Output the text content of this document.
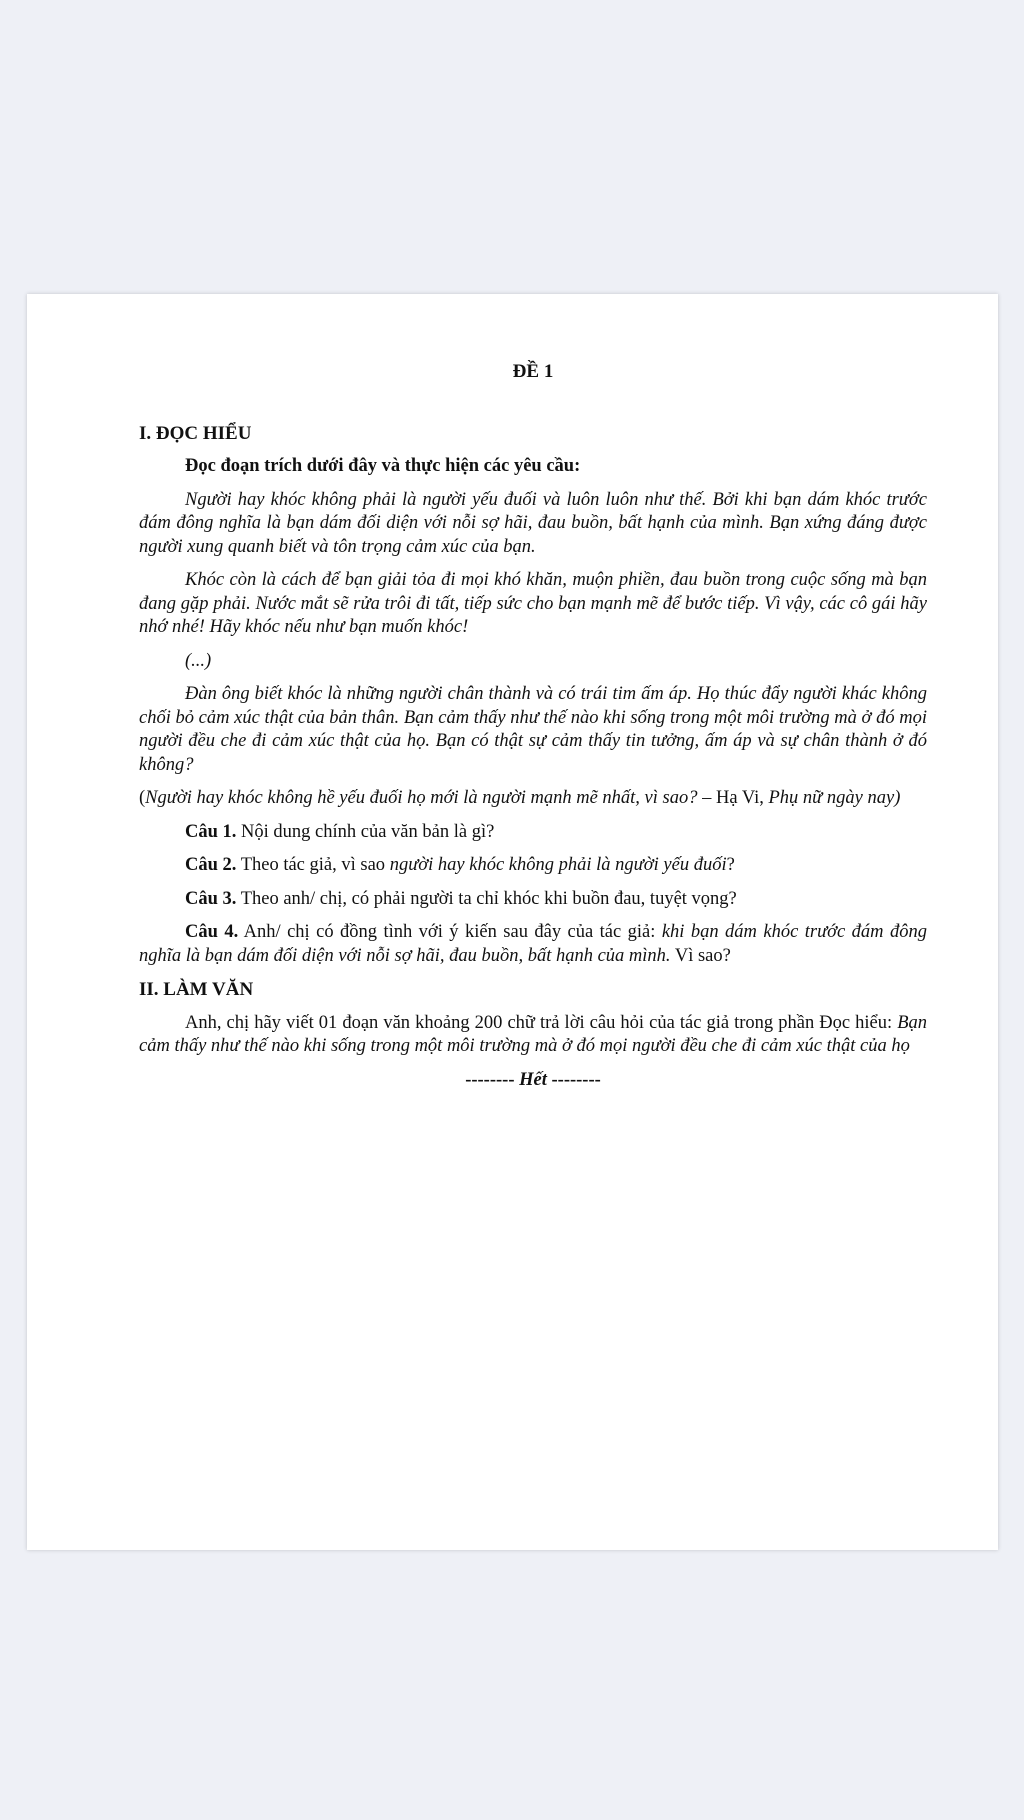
ĐỀ 1
I. ĐỌC HIỂU

Đọc đoạn trích dưới đây và thực hiện các yêu cầu:

Người hay khóc không phải là người yếu đuối và luôn luôn như thế. Bởi khi bạn dám khóc trước đám đông nghĩa là bạn dám đối diện với nỗi sợ hãi, đau buồn, bất hạnh của mình. Bạn xứng đáng được người xung quanh biết và tôn trọng cảm xúc của bạn.

Khóc còn là cách để bạn giải tỏa đi mọi khó khăn, muộn phiền, đau buồn trong cuộc sống mà bạn đang gặp phải. Nước mắt sẽ rửa trôi đi tất, tiếp sức cho bạn mạnh mẽ để bước tiếp. Vì vậy, các cô gái hãy nhớ nhé! Hãy khóc nếu như bạn muốn khóc!

(...)

Đàn ông biết khóc là những người chân thành và có trái tim ấm áp. Họ thúc đẩy người khác không chối bỏ cảm xúc thật của bản thân. Bạn cảm thấy như thế nào khi sống trong một môi trường mà ở đó mọi người đều che đi cảm xúc thật của họ. Bạn có thật sự cảm thấy tin tưởng, ấm áp và sự chân thành ở đó không?

(Người hay khóc không hề yếu đuối họ mới là người mạnh mẽ nhất, vì sao? – Hạ Vi, Phụ nữ ngày nay)

Câu 1. Nội dung chính của văn bản là gì?

Câu 2. Theo tác giả, vì sao người hay khóc không phải là người yếu đuối?

Câu 3. Theo anh/ chị, có phải người ta chỉ khóc khi buồn đau, tuyệt vọng?

Câu 4. Anh/ chị có đồng tình với ý kiến sau đây của tác giả: khi bạn dám khóc trước đám đông nghĩa là bạn dám đối diện với nỗi sợ hãi, đau buồn, bất hạnh của mình. Vì sao?

II. LÀM VĂN

Anh, chị hãy viết 01 đoạn văn khoảng 200 chữ trả lời câu hỏi của tác giả trong phần Đọc hiểu: Bạn cảm thấy như thế nào khi sống trong một môi trường mà ở đó mọi người đều che đi cảm xúc thật của họ

-------- Hết --------
